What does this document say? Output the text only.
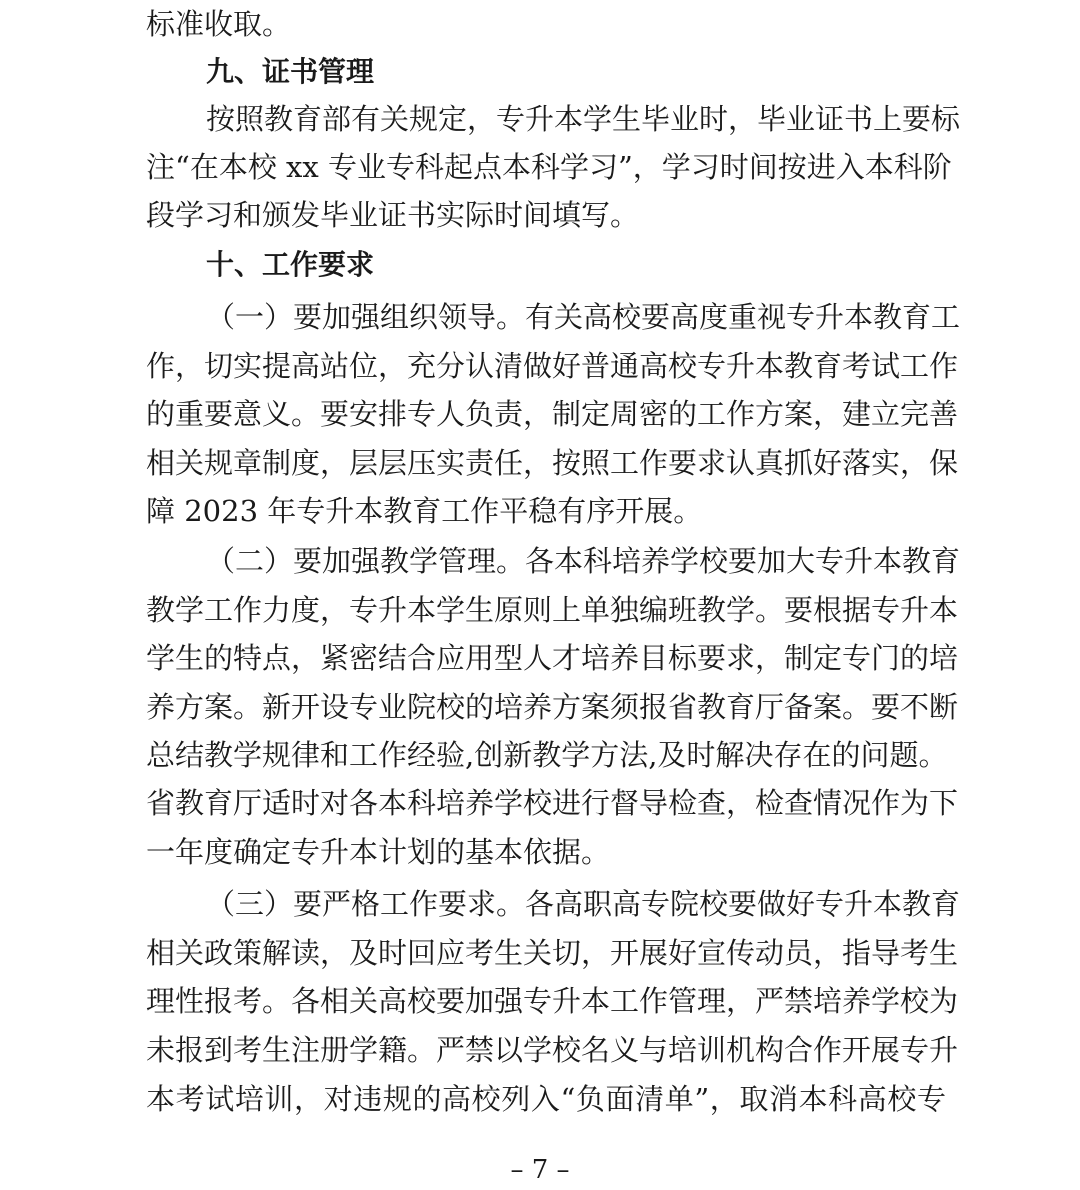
标准收取。
九、证书管理
按照教育部有关规定，专升本学生毕业时，毕业证书上要标
注“在本校 xx 专业专科起点本科学习”，学习时间按进入本科阶
段学习和颁发毕业证书实际时间填写。
十、工作要求
（一）要加强组织领导。有关高校要高度重视专升本教育工
作，切实提高站位，充分认清做好普通高校专升本教育考试工作
的重要意义。要安排专人负责，制定周密的工作方案，建立完善
相关规章制度，层层压实责任，按照工作要求认真抓好落实，保
障 2023 年专升本教育工作平稳有序开展。
（二）要加强教学管理。各本科培养学校要加大专升本教育
教学工作力度，专升本学生原则上单独编班教学。要根据专升本
学生的特点，紧密结合应用型人才培养目标要求，制定专门的培
养方案。新开设专业院校的培养方案须报省教育厅备案。要不断
总结教学规律和工作经验,创新教学方法,及时解决存在的问题。
省教育厅适时对各本科培养学校进行督导检查，检查情况作为下
一年度确定专升本计划的基本依据。
（三）要严格工作要求。各高职高专院校要做好专升本教育
相关政策解读，及时回应考生关切，开展好宣传动员，指导考生
理性报考。各相关高校要加强专升本工作管理，严禁培养学校为
未报到考生注册学籍。严禁以学校名义与培训机构合作开展专升
本考试培训，对违规的高校列入“负面清单”，取消本科高校专
– 7 –
